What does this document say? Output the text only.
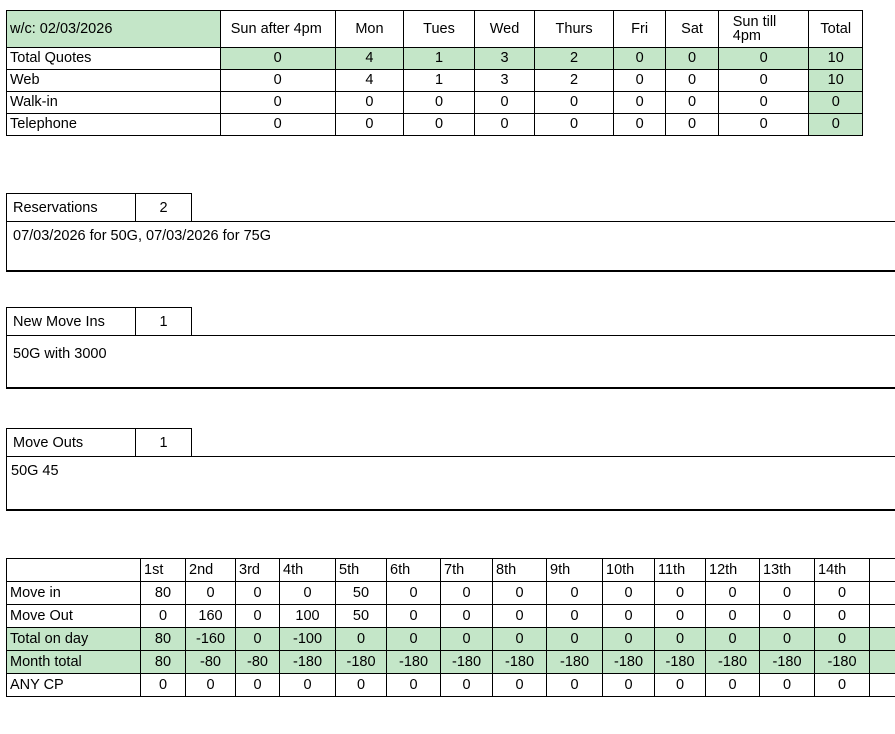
w/c: 02/03/2026	Sun after 4pm	Mon	Tues	Wed	Thurs	Fri	Sat	Sun till 4pm	Total
Total Quotes	0	4	1	3	2	0	0	0	10
Web	0	4	1	3	2	0	0	0	10
Walk-in	0	0	0	0	0	0	0	0	0
Telephone	0	0	0	0	0	0	0	0	0
Reservations	2
07/03/2026 for 50G, 07/03/2026 for 75G
New Move Ins	1
50G with 3000
Move Outs	1
50G 45
	1st	2nd	3rd	4th	5th	6th	7th	8th	9th	10th	11th	12th	13th	14th	
Move in	80	0	0	0	50	0	0	0	0	0	0	0	0	0	
Move Out	0	160	0	100	50	0	0	0	0	0	0	0	0	0	
Total on day	80	-160	0	-100	0	0	0	0	0	0	0	0	0	0	
Month total	80	-80	-80	-180	-180	-180	-180	-180	-180	-180	-180	-180	-180	-180	
ANY CP	0	0	0	0	0	0	0	0	0	0	0	0	0	0	
